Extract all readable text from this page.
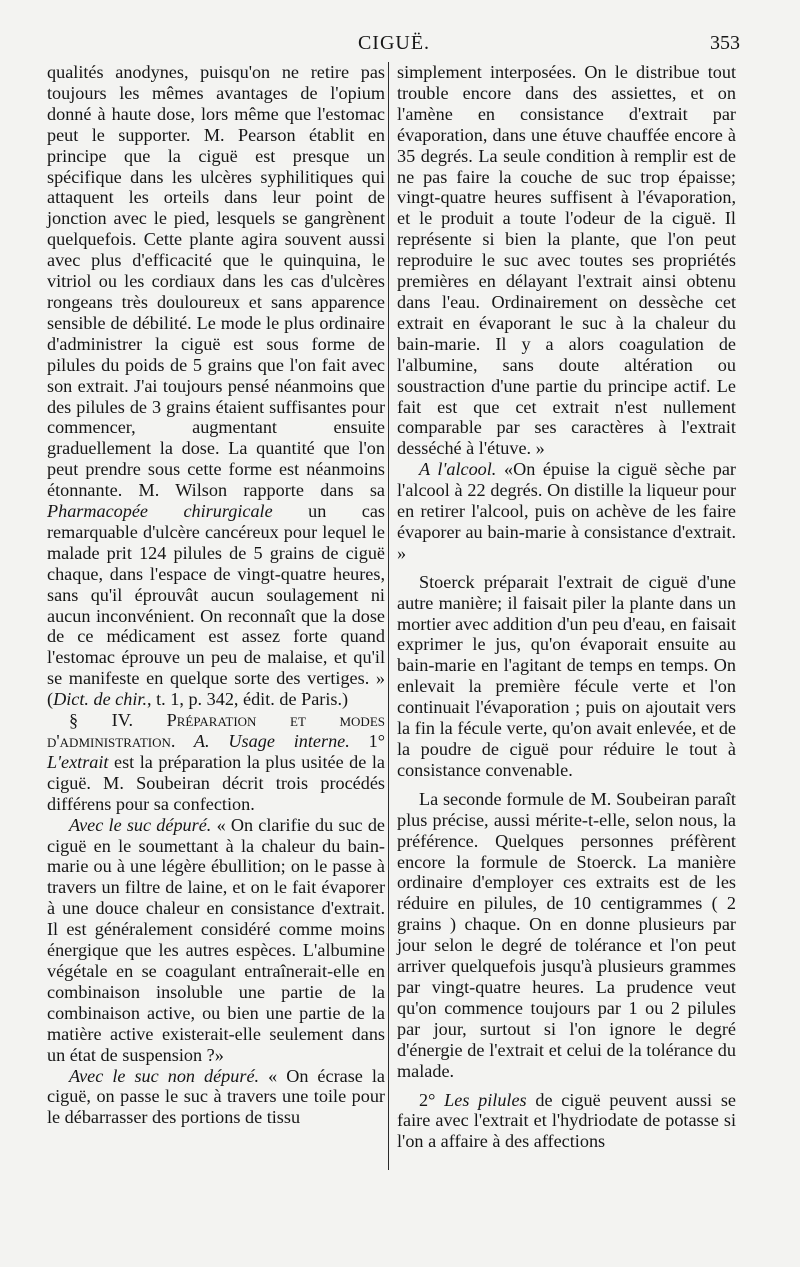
CIGUË.	353

qualités anodynes, puisqu'on ne retire pas toujours les mêmes avantages de l'opium donné à haute dose, lors même que l'estomac peut le supporter. M. Pearson établit en principe que la ciguë est presque un spécifique dans les ulcères syphilitiques qui attaquent les orteils dans leur point de jonction avec le pied, lesquels se gangrènent quelquefois. Cette plante agira souvent aussi avec plus d'efficacité que le quinquina, le vitriol ou les cordiaux dans les cas d'ulcères rongeans très douloureux et sans apparence sensible de débilité. Le mode le plus ordinaire d'administrer la ciguë est sous forme de pilules du poids de 5 grains que l'on fait avec son extrait. J'ai toujours pensé néanmoins que des pilules de 3 grains étaient suffisantes pour commencer, augmentant ensuite graduellement la dose. La quantité que l'on peut prendre sous cette forme est néanmoins étonnante. M. Wilson rapporte dans sa Pharmacopée chirurgicale un cas remarquable d'ulcère cancéreux pour lequel le malade prit 124 pilules de 5 grains de ciguë chaque, dans l'espace de vingt-quatre heures, sans qu'il éprouvât aucun soulagement ni aucun inconvénient. On reconnaît que la dose de ce médicament est assez forte quand l'estomac éprouve un peu de malaise, et qu'il se manifeste en quelque sorte des vertiges. » (Dict. de chir., t. 1, p. 342, édit. de Paris.)

§ IV. Préparation et modes d'administration. A. Usage interne. 1° L'extrait est la préparation la plus usitée de la ciguë. M. Soubeiran décrit trois procédés différens pour sa confection.

Avec le suc dépuré. « On clarifie du suc de ciguë en le soumettant à la chaleur du bain-marie ou à une légère ébullition; on le passe à travers un filtre de laine, et on le fait évaporer à une douce chaleur en consistance d'extrait. Il est généralement considéré comme moins énergique que les autres espèces. L'albumine végétale en se coagulant entraînerait-elle en combinaison insoluble une partie de la combinaison active, ou bien une partie de la matière active existerait-elle seulement dans un état de suspension ?»

Avec le suc non dépuré. « On écrase la ciguë, on passe le suc à travers une toile pour le débarrasser des portions de tissu

simplement interposées. On le distribue tout trouble encore dans des assiettes, et on l'amène en consistance d'extrait par évaporation, dans une étuve chauffée encore à 35 degrés. La seule condition à remplir est de ne pas faire la couche de suc trop épaisse; vingt-quatre heures suffisent à l'évaporation, et le produit a toute l'odeur de la ciguë. Il représente si bien la plante, que l'on peut reproduire le suc avec toutes ses propriétés premières en délayant l'extrait ainsi obtenu dans l'eau. Ordinairement on dessèche cet extrait en évaporant le suc à la chaleur du bain-marie. Il y a alors coagulation de l'albumine, sans doute altération ou soustraction d'une partie du principe actif. Le fait est que cet extrait n'est nullement comparable par ses caractères à l'extrait desséché à l'étuve. »

A l'alcool. «On épuise la ciguë sèche par l'alcool à 22 degrés. On distille la liqueur pour en retirer l'alcool, puis on achève de les faire évaporer au bain-marie à consistance d'extrait. »

Stoerck préparait l'extrait de ciguë d'une autre manière; il faisait piler la plante dans un mortier avec addition d'un peu d'eau, en faisait exprimer le jus, qu'on évaporait ensuite au bain-marie en l'agitant de temps en temps. On enlevait la première fécule verte et l'on continuait l'évaporation ; puis on ajoutait vers la fin la fécule verte, qu'on avait enlevée, et de la poudre de ciguë pour réduire le tout à consistance convenable.

La seconde formule de M. Soubeiran paraît plus précise, aussi mérite-t-elle, selon nous, la préférence. Quelques personnes préfèrent encore la formule de Stoerck. La manière ordinaire d'employer ces extraits est de les réduire en pilules, de 10 centigrammes ( 2 grains ) chaque. On en donne plusieurs par jour selon le degré de tolérance et l'on peut arriver quelquefois jusqu'à plusieurs grammes par vingt-quatre heures. La prudence veut qu'on commence toujours par 1 ou 2 pilules par jour, surtout si l'on ignore le degré d'énergie de l'extrait et celui de la tolérance du malade.

2° Les pilules de ciguë peuvent aussi se faire avec l'extrait et l'hydriodate de potasse si l'on a affaire à des affections
